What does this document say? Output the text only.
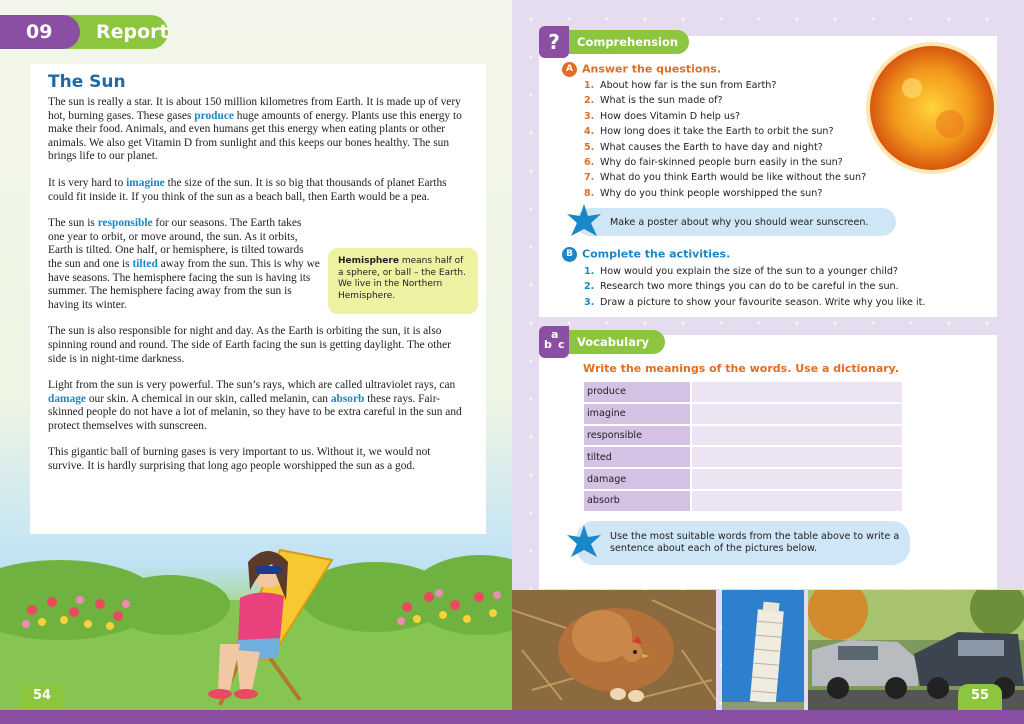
Report
09
The Sun

The sun is really a star. It is about 150 million kilometres from Earth. It is made up of very hot, burning gases. These gases produce huge amounts of energy. Plants use this energy to make their food. Animals, and even humans get this energy when eating plants or other animals. We also get Vitamin D from sunlight and this keeps our bones healthy. The sun brings life to our planet.

It is very hard to imagine the size of the sun. It is so big that thousands of planet Earths could fit inside it. If you think of the sun as a beach ball, then Earth would be a pea.

The sun is responsible for our seasons. The Earth takes one year to orbit, or move around, the sun. As it orbits, Earth is tilted. One half, or hemisphere, is tilted towards the sun and one is tilted away from the sun. This is why we have seasons. The hemisphere facing the sun is having its summer. The hemisphere facing away from the sun is having its winter.

The sun is also responsible for night and day. As the Earth is orbiting the sun, it is also spinning round and round. The side of Earth facing the sun is getting daylight. The other side is in night-time darkness.

Light from the sun is very powerful. The sun’s rays, which are called ultraviolet rays, can damage our skin. A chemical in our skin, called melanin, can absorb these rays. Fair-skinned people do not have a lot of melanin, so they have to be extra careful in the sun and protect themselves with sunscreen.

This gigantic ball of burning gases is very important to us. Without it, we would not survive. It is hardly surprising that long ago people worshipped the sun as a god.

Hemisphere means half of a sphere, or ball – the Earth. We live in the Northern Hemisphere.
54
?	Comprehension
A Answer the questions.
1. About how far is the sun from Earth?
2. What is the sun made of?
3. How does Vitamin D help us?
4. How long does it take the Earth to orbit the sun?
5. What causes the Earth to have day and night?
6. Why do fair-skinned people burn easily in the sun?
7. What do you think Earth would be like without the sun?
8. Why do you think people worshipped the sun?
Make a poster about why you should wear sunscreen.
B Complete the activities.
1. How would you explain the size of the sun to a younger child?
2. Research two more things you can do to be careful in the sun.
3. Draw a picture to show your favourite season. Write why you like it.
b
a
c Vocabulary
Write the meanings of the words. Use a dictionary.
produce	
imagine	
responsible	
tilted	
damage	
absorb	
Use the most suitable words from the table above to write a sentence about each of the pictures below.
55
